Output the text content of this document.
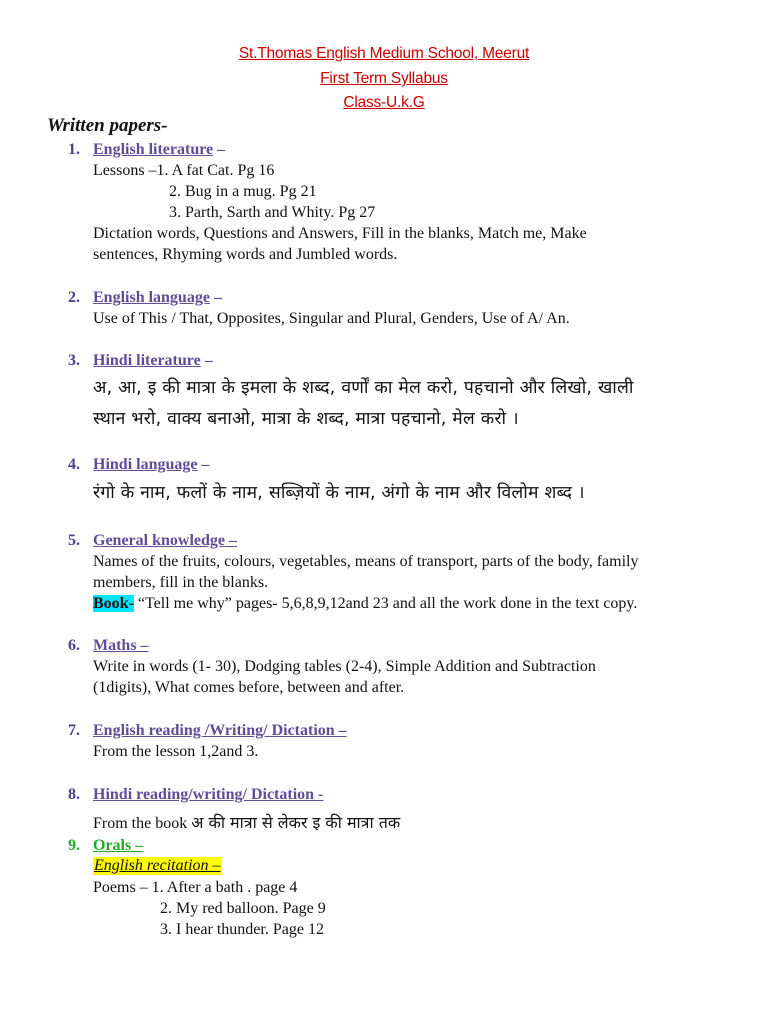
St.Thomas English Medium School, Meerut
First Term Syllabus
Class-U.k.G
Written papers-
1. English literature –
Lessons –1. A fat Cat. Pg 16
2. Bug in a mug. Pg 21
3. Parth, Sarth and Whity. Pg 27
Dictation words, Questions and Answers, Fill in the blanks, Match me, Make
sentences, Rhyming words and Jumbled words.
2. English language –
Use of This / That, Opposites, Singular and Plural, Genders, Use of A/ An.
3. Hindi literature –
अ, आ, इ की मात्रा के इमला के शब्द, वर्णों का मेल करो, पहचानो और लिखो, खाली
स्थान भरो, वाक्य बनाओ, मात्रा के शब्द, मात्रा पहचानो, मेल करो ।
4. Hindi language –
रंगो के नाम, फलों के नाम, सब्ज़ियों के नाम, अंगो के नाम और विलोम शब्द ।
5. General knowledge –
Names of the fruits, colours, vegetables, means of transport, parts of the body, family
members, fill in the blanks.
Book- “Tell me why” pages- 5,6,8,9,12and 23 and all the work done in the text copy.
6. Maths –
Write in words (1- 30), Dodging tables (2-4), Simple Addition and Subtraction
(1digits), What comes before, between and after.
7. English reading /Writing/ Dictation –
From the lesson 1,2and 3.
8. Hindi reading/writing/ Dictation -
From the book अ की मात्रा से लेकर इ की मात्रा तक
9. Orals –
English recitation –
Poems – 1. After a bath . page 4
2. My red balloon. Page 9
3. I hear thunder. Page 12
